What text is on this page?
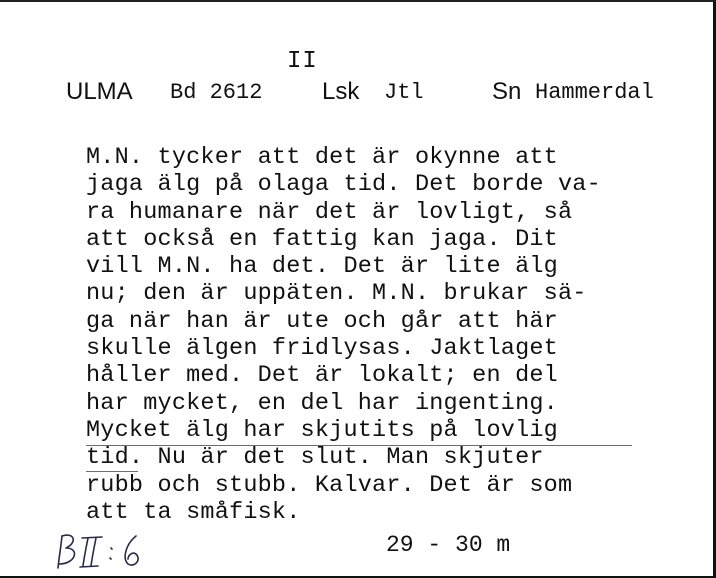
II
ULMA Bd 2612 Lsk Jtl	Sn Hammerdal
M.N. tycker att det är okynne att
jaga älg på olaga tid. Det borde va-
ra humanare när det är lovligt, så
att också en fattig kan jaga. Dit
vill M.N. ha det. Det är lite älg
nu; den är uppäten. M.N. brukar sä-
ga när han är ute och går att här
skulle älgen fridlysas. Jaktlaget
håller med. Det är lokalt; en del
har mycket, en del har ingenting.
Mycket älg har skjutits på lovlig
tid. Nu är det slut. Man skjuter
rubb och stubb. Kalvar. Det är som
att ta småfisk.
29 - 30 m
